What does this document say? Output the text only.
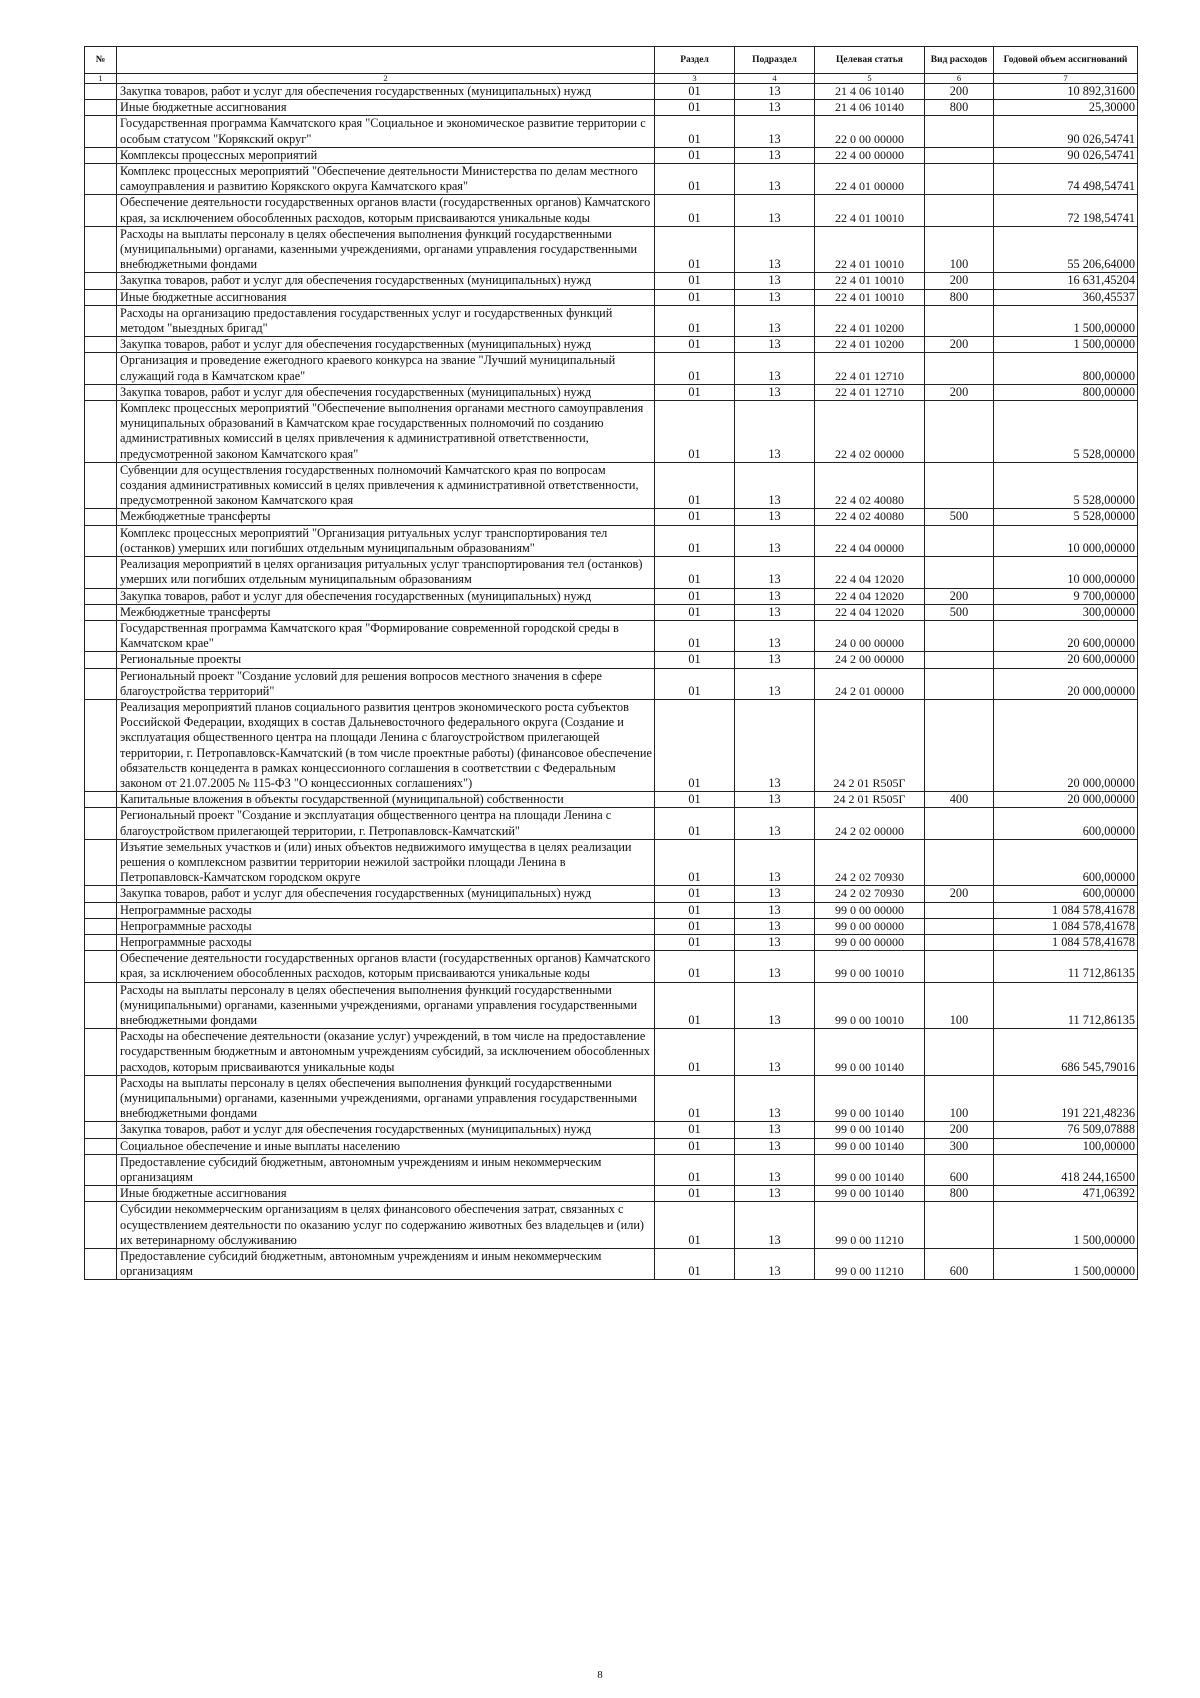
№		Раздел	Подраздел	Целевая статья	Вид расходов	Годовой объем ассигнований
1	2	3	4	5	6	7
	Закупка товаров, работ и услуг для обеспечения государственных (муниципальных) нужд	01	13	21 4 06 10140	200	10 892,31600
	Иные бюджетные ассигнования	01	13	21 4 06 10140	800	25,30000
	Государственная программа Камчатского края "Социальное и экономическое развитие территории с особым статусом "Корякский округ"	01	13	22 0 00 00000		90 026,54741
	Комплексы процессных мероприятий	01	13	22 4 00 00000		90 026,54741
	Комплекс процессных мероприятий "Обеспечение деятельности Министерства по делам местного самоуправления и развитию Корякского округа Камчатского края"	01	13	22 4 01 00000		74 498,54741
	Обеспечение деятельности государственных органов власти (государственных органов) Камчатского края, за исключением обособленных расходов, которым присваиваются уникальные коды	01	13	22 4 01 10010		72 198,54741
	Расходы на выплаты персоналу в целях обеспечения выполнения функций государственными (муниципальными) органами, казенными учреждениями, органами управления государственными внебюджетными фондами	01	13	22 4 01 10010	100	55 206,64000
	Закупка товаров, работ и услуг для обеспечения государственных (муниципальных) нужд	01	13	22 4 01 10010	200	16 631,45204
	Иные бюджетные ассигнования	01	13	22 4 01 10010	800	360,45537
	Расходы на организацию предоставления государственных услуг и государственных функций методом "выездных бригад"	01	13	22 4 01 10200		1 500,00000
	Закупка товаров, работ и услуг для обеспечения государственных (муниципальных) нужд	01	13	22 4 01 10200	200	1 500,00000
	Организация и проведение ежегодного краевого конкурса на звание "Лучший муниципальный служащий года в Камчатском крае"	01	13	22 4 01 12710		800,00000
	Закупка товаров, работ и услуг для обеспечения государственных (муниципальных) нужд	01	13	22 4 01 12710	200	800,00000
	Комплекс процессных мероприятий "Обеспечение выполнения органами местного самоуправления муниципальных образований в Камчатском крае государственных полномочий по созданию административных комиссий в целях привлечения к административной ответственности, предусмотренной законом Камчатского края"	01	13	22 4 02 00000		5 528,00000
	Субвенции для осуществления государственных полномочий Камчатского края по вопросам создания административных комиссий в целях привлечения к административной ответственности, предусмотренной законом Камчатского края	01	13	22 4 02 40080		5 528,00000
	Межбюджетные трансферты	01	13	22 4 02 40080	500	5 528,00000
	Комплекс процессных мероприятий "Организация ритуальных услуг транспортирования тел (останков) умерших или погибших отдельным муниципальным образованиям"	01	13	22 4 04 00000		10 000,00000
	Реализация мероприятий в целях организация ритуальных услуг транспортирования тел (останков) умерших или погибших отдельным муниципальным образованиям	01	13	22 4 04 12020		10 000,00000
	Закупка товаров, работ и услуг для обеспечения государственных (муниципальных) нужд	01	13	22 4 04 12020	200	9 700,00000
	Межбюджетные трансферты	01	13	22 4 04 12020	500	300,00000
	Государственная программа Камчатского края "Формирование современной городской среды в Камчатском крае"	01	13	24 0 00 00000		20 600,00000
	Региональные проекты	01	13	24 2 00 00000		20 600,00000
	Региональный проект "Создание условий для решения вопросов местного значения в сфере благоустройства территорий"	01	13	24 2 01 00000		20 000,00000
	Реализация мероприятий планов социального развития центров экономического роста субъектов Российской Федерации, входящих в состав Дальневосточного федерального округа (Создание и эксплуатация общественного центра на площади Ленина с благоустройством прилегающей территории, г. Петропавловск-Камчатский (в том числе проектные работы) (финансовое обеспечение обязательств концедента в рамках концессионного соглашения в соответствии с Федеральным законом от 21.07.2005 № 115-ФЗ "О концессионных соглашениях")	01	13	24 2 01 R505Г		20 000,00000
	Капитальные вложения в объекты государственной (муниципальной) собственности	01	13	24 2 01 R505Г	400	20 000,00000
	Региональный проект "Создание и эксплуатация общественного центра на площади Ленина с благоустройством прилегающей территории, г. Петропавловск-Камчатский"	01	13	24 2 02 00000		600,00000
	Изъятие земельных участков и (или) иных объектов недвижимого имущества в целях реализации решения о комплексном развитии территории нежилой застройки площади Ленина в Петропавловск-Камчатском городском округе	01	13	24 2 02 70930		600,00000
	Закупка товаров, работ и услуг для обеспечения государственных (муниципальных) нужд	01	13	24 2 02 70930	200	600,00000
	Непрограммные расходы	01	13	99 0 00 00000		1 084 578,41678
	Непрограммные расходы	01	13	99 0 00 00000		1 084 578,41678
	Непрограммные расходы	01	13	99 0 00 00000		1 084 578,41678
	Обеспечение деятельности государственных органов власти (государственных органов) Камчатского края, за исключением обособленных расходов, которым присваиваются уникальные коды	01	13	99 0 00 10010		11 712,86135
	Расходы на выплаты персоналу в целях обеспечения выполнения функций государственными (муниципальными) органами, казенными учреждениями, органами управления государственными внебюджетными фондами	01	13	99 0 00 10010	100	11 712,86135
	Расходы на обеспечение деятельности (оказание услуг) учреждений, в том числе на предоставление государственным бюджетным и автономным учреждениям субсидий, за исключением обособленных расходов, которым присваиваются уникальные коды	01	13	99 0 00 10140		686 545,79016
	Расходы на выплаты персоналу в целях обеспечения выполнения функций государственными (муниципальными) органами, казенными учреждениями, органами управления государственными внебюджетными фондами	01	13	99 0 00 10140	100	191 221,48236
	Закупка товаров, работ и услуг для обеспечения государственных (муниципальных) нужд	01	13	99 0 00 10140	200	76 509,07888
	Социальное обеспечение и иные выплаты населению	01	13	99 0 00 10140	300	100,00000
	Предоставление субсидий бюджетным, автономным учреждениям и иным некоммерческим организациям	01	13	99 0 00 10140	600	418 244,16500
	Иные бюджетные ассигнования	01	13	99 0 00 10140	800	471,06392
	Субсидии некоммерческим организациям в целях финансового обеспечения затрат, связанных с осуществлением деятельности по оказанию услуг по содержанию животных без владельцев и (или) их ветеринарному обслуживанию	01	13	99 0 00 11210		1 500,00000
	Предоставление субсидий бюджетным, автономным учреждениям и иным некоммерческим организациям	01	13	99 0 00 11210	600	1 500,00000
8
